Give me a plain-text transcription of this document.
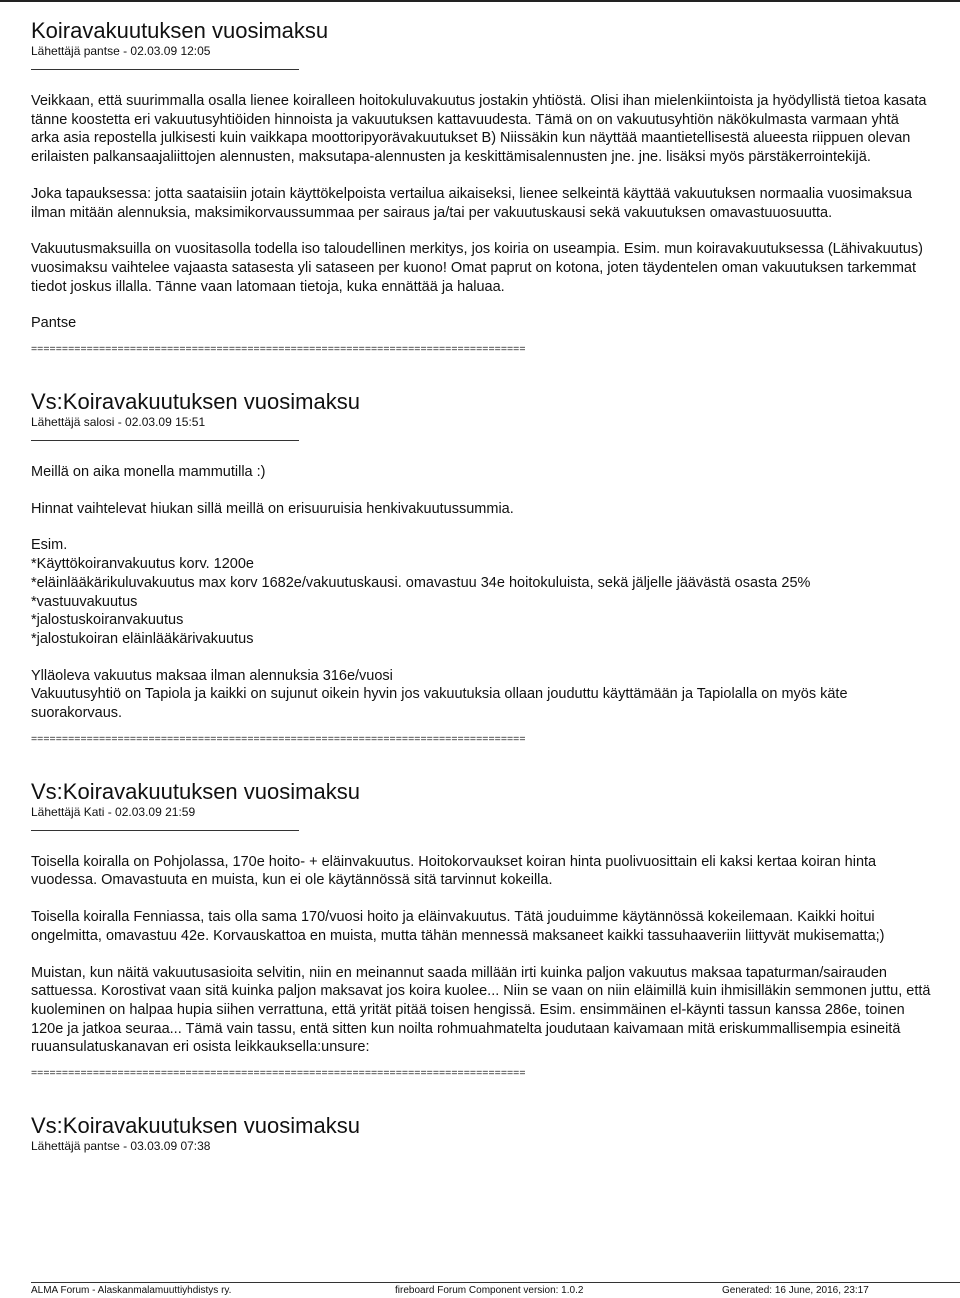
Koiravakuutuksen vuosimaksu
Lähettäjä pantse - 02.03.09 12:05

Veikkaan, että suurimmalla osalla lienee koiralleen hoitokuluvakuutus jostakin yhtiöstä. Olisi ihan mielenkiintoista ja hyödyllistä tietoa kasata tänne koostetta eri vakuutusyhtiöiden hinnoista ja vakuutuksen kattavuudesta. Tämä on on vakuutusyhtiön näkökulmasta varmaan yhtä arka asia repostella julkisesti kuin vaikkapa moottoripyorävakuutukset B) Niissäkin kun näyttää maantietellisestä alueesta riippuen olevan erilaisten palkansaajaliittojen alennusten, maksutapa-alennusten ja keskittämisalennusten jne. jne. lisäksi myös pärstäkerrointekijä.

Joka tapauksessa: jotta saataisiin jotain käyttökelpoista vertailua aikaiseksi, lienee selkeintä käyttää vakuutuksen normaalia vuosimaksua ilman mitään alennuksia, maksimikorvaussummaa per sairaus ja/tai per vakuutuskausi sekä vakuutuksen omavastuuosuutta.

Vakuutusmaksuilla on vuositasolla todella iso taloudellinen merkitys, jos koiria on useampia. Esim. mun koiravakuutuksessa (Lähivakuutus) vuosimaksu vaihtelee vajaasta satasesta yli sataseen per kuono! Omat paprut on kotona, joten täydentelen oman vakuutuksen tarkemmat tiedot joskus illalla. Tänne vaan latomaan tietoja, kuka ennättää ja haluaa.

Pantse

================================================================================
Vs:Koiravakuutuksen vuosimaksu
Lähettäjä salosi - 02.03.09 15:51

Meillä on aika monella mammutilla :)

Hinnat vaihtelevat hiukan sillä meillä on erisuuruisia henkivakuutussummia.

Esim.
*Käyttökoiranvakuutus korv. 1200e
*eläinlääkärikuluvakuutus max korv 1682e/vakuutuskausi. omavastuu 34e hoitokuluista, sekä jäljelle jäävästä osasta 25%
*vastuuvakuutus
*jalostuskoiranvakuutus
*jalostukoiran eläinlääkärivakuutus

Ylläoleva vakuutus maksaa ilman alennuksia 316e/vuosi
Vakuutusyhtiö on Tapiola ja kaikki on sujunut oikein hyvin jos vakuutuksia ollaan jouduttu käyttämään ja Tapiolalla on myös käte
suorakorvaus.

================================================================================
Vs:Koiravakuutuksen vuosimaksu
Lähettäjä Kati - 02.03.09 21:59

Toisella koiralla on Pohjolassa, 170e hoito- + eläinvakuutus. Hoitokorvaukset koiran hinta puolivuosittain eli kaksi kertaa koiran hinta vuodessa. Omavastuuta en muista, kun ei ole käytännössä sitä tarvinnut kokeilla.

Toisella koiralla Fenniassa, tais olla sama 170/vuosi hoito ja eläinvakuutus. Tätä jouduimme käytännössä kokeilemaan. Kaikki hoitui ongelmitta, omavastuu 42e. Korvauskattoa en muista, mutta tähän mennessä maksaneet kaikki tassuhaaveriin liittyvät mukisematta;)

Muistan, kun näitä vakuutusasioita selvitin, niin en meinannut saada millään irti kuinka paljon vakuutus maksaa tapaturman/sairauden sattuessa. Korostivat vaan sitä kuinka paljon maksavat jos koira kuolee... Niin se vaan on niin eläimillä kuin ihmisilläkin semmonen juttu, että kuoleminen on halpaa hupia siihen verrattuna, että yrität pitää toisen hengissä. Esim. ensimmäinen el-käynti tassun kanssa 286e, toinen 120e ja jatkoa seuraa... Tämä vain tassu, entä sitten kun noilta rohmuahmatelta joudutaan kaivamaan mitä eriskummallisempia esineitä ruuansulatuskanavan eri osista leikkauksella:unsure:

================================================================================
Vs:Koiravakuutuksen vuosimaksu
Lähettäjä pantse - 03.03.09 07:38
ALMA Forum - Alaskanmalamuuttiyhdistys ry.	fireboard Forum Component version: 1.0.2	Generated: 16 June, 2016, 23:17
